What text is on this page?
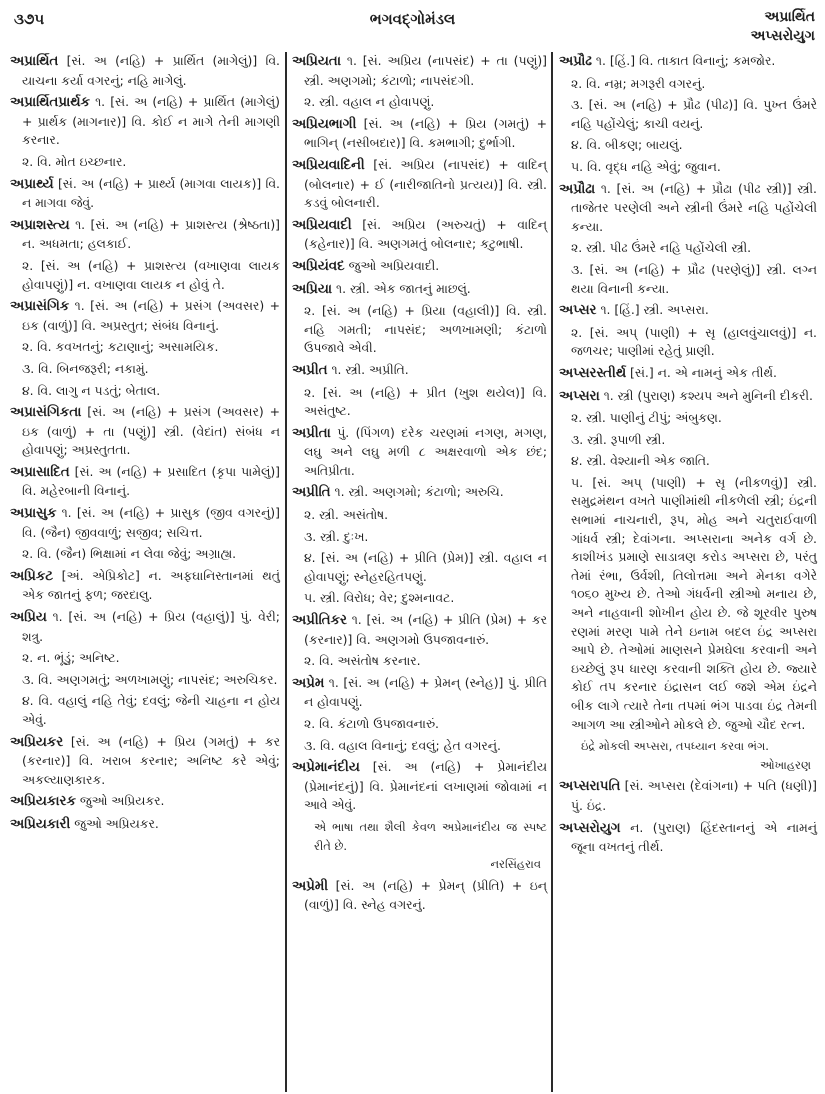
૩૭૫	ભગવદ્ગોમંડલ	અપ્રાર્થિત
અપ્સરોયુગ

અપ્રાર્થિત [સં. અ (નહિ) + પ્રાર્થિત (માગેલું)] વિ. યાચના કર્યા વગરનું; નહિ માગેલું.

અપ્રાર્થિતપ્રાર્થક ૧. [સં. અ (નહિ) + પ્રાર્થિત (માગેલું) + પ્રાર્થક (માગનાર)] વિ. કોઈ ન માગે તેની માગણી કરનાર.

૨. વિ. મોત ઇચ્છનાર.

અપ્રાર્થ્ય [સં. અ (નહિ) + પ્રાર્થ્ય (માગવા લાયક)] વિ. ન માગવા જેવું.

અપ્રાશસ્ત્ય ૧. [સં. અ (નહિ) + પ્રાશસ્ત્ય (શ્રેષ્ઠતા)] ન. અધમતા; હલકાઈ.

૨. [સં. અ (નહિ) + પ્રાશસ્ત્ય (વખાણવા લાયક હોવાપણું)] ન. વખાણવા લાયક ન હોવું તે.

અપ્રાસંગિક ૧. [સં. અ (નહિ) + પ્રસંગ (અવસર) + ઇક (વાળું)] વિ. અપ્રસ્તુત; સંબંધ વિનાનું.

૨. વિ. કવખતનું; કટાણાનું; અસામયિક.

૩. વિ. બિનજરૂરી; નકામું.

૪. વિ. લાગુ ન પડતું; બેતાલ.

અપ્રાસંગિકતા [સં. અ (નહિ) + પ્રસંગ (અવસર) + ઇક (વાળું) + તા (પણું)] સ્ત્રી. (વેદાંત) સંબંધ ન હોવાપણું; અપ્રસ્તુતતા.

અપ્રાસાદિત [સં. અ (નહિ) + પ્રસાદિત (કૃપા પામેલું)] વિ. મહેરબાની વિનાનું.

અપ્રાસુક ૧. [સં. અ (નહિ) + પ્રાસુક (જીવ વગરનું)] વિ. (જૈન) જીવવાળું; સજીવ; સચિત્ત.

૨. વિ. (જૈન) ભિક્ષામાં ન લેવા જેવું; અગ્રાહ્ય.

અપ્રિકટ [અં. એપ્રિકોટ] ન. અફઘાનિસ્તાનમાં થતું એક જાતનું ફળ; જરદાલુ.

અપ્રિય ૧. [સં. અ (નહિ) + પ્રિય (વહાલું)] પું. વેરી; શત્રુ.

૨. ન. ભૂંડું; અનિષ્ટ.

૩. વિ. અણગમતું; અળખામણું; નાપસંદ; અરુચિકર.

૪. વિ. વહાલું નહિ તેવું; દવલું; જેની ચાહના ન હોય એવું.

અપ્રિયકર [સં. અ (નહિ) + પ્રિય (ગમતું) + કર (કરનાર)] વિ. ખરાબ કરનાર; અનિષ્ટ કરે એવું; અકલ્યાણકારક.

અપ્રિયકારક જુઓ અપ્રિયકર.

અપ્રિયકારી જુઓ અપ્રિયકર.

અપ્રિયતા ૧. [સં. અપ્રિય (નાપસંદ) + તા (પણું)] સ્ત્રી. અણગમો; કંટાળો; નાપસંદગી.

૨. સ્ત્રી. વહાલ ન હોવાપણું.

અપ્રિયભાગી [સં. અ (નહિ) + પ્રિય (ગમતું) + ભાગિન્ (નસીબદાર)] વિ. કમભાગી; દુર્ભાગી.

અપ્રિયવાદિની [સં. અપ્રિય (નાપસંદ) + વાદિન્ (બોલનાર) + ઈ (નારીજાતિનો પ્રત્યય)] વિ. સ્ત્રી. કડવું બોલનારી.

અપ્રિયવાદી [સં. અપ્રિય (અરુચતું) + વાદિન્ (કહેનાર)] વિ. અણગમતું બોલનાર; કટુભાષી.

અપ્રિયંવદ જુઓ અપ્રિયવાદી.

અપ્રિયા ૧. સ્ત્રી. એક જાતનું માછલું.

૨. [સં. અ (નહિ) + પ્રિયા (વહાલી)] વિ. સ્ત્રી. નહિ ગમતી; નાપસંદ; અળખામણી; કંટાળો ઉપજાવે એવી.

અપ્રીત ૧. સ્ત્રી. અપ્રીતિ.

૨. [સં. અ (નહિ) + પ્રીત (ખુશ થયેલ)] વિ. અસંતુષ્ટ.

અપ્રીતા પું. (પિંગળ) દરેક ચરણમાં નગણ, મગણ, લઘુ અને લઘુ મળી ૮ અક્ષરવાળો એક છંદ; અતિપ્રીતા.

અપ્રીતિ ૧. સ્ત્રી. અણગમો; કંટાળો; અરુચિ.

૨. સ્ત્રી. અસંતોષ.

૩. સ્ત્રી. દુઃખ.

૪. [સં. અ (નહિ) + પ્રીતિ (પ્રેમ)] સ્ત્રી. વહાલ ન હોવાપણું; સ્નેહરહિતપણું.

૫. સ્ત્રી. વિરોધ; વેર; દુશ્મનાવટ.

અપ્રીતિકર ૧. [સં. અ (નહિ) + પ્રીતિ (પ્રેમ) + કર (કરનાર)] વિ. અણગમો ઉપજાવનારું.

૨. વિ. અસંતોષ કરનાર.

અપ્રેમ ૧. [સં. અ (નહિ) + પ્રેમન્ (સ્નેહ)] પું. પ્રીતિ ન હોવાપણું.

૨. વિ. કંટાળો ઉપજાવનારું.

૩. વિ. વહાલ વિનાનું; દવલું; હેત વગરનું.

અપ્રેમાનંદીય [સં. અ (નહિ) + પ્રેમાનંદીય (પ્રેમાનંદનું)] વિ. પ્રેમાનંદનાં લખાણમાં જોવામાં ન આવે એવું.

એ ભાષા તથા શૈલી કેવળ અપ્રેમાનંદીય જ સ્પષ્ટ રીતે છે.

નરસિંહરાવ

અપ્રેમી [સં. અ (નહિ) + પ્રેમન્ (પ્રીતિ) + ઇન્ (વાળું)] વિ. સ્નેહ વગરનું.

અપ્રૌઢ ૧. [હિં.] વિ. તાકાત વિનાનું; કમજોર.

૨. વિ. નમ્ર; મગરૂરી વગરનું.

૩. [સં. અ (નહિ) + પ્રૌઢ (પીઢ)] વિ. પુખ્ત ઉંમરે નહિ પહોંચેલું; કાચી વયનું.

૪. વિ. બીકણ; બાયલું.

૫. વિ. વૃદ્ધ નહિ એવું; જુવાન.

અપ્રૌઢા ૧. [સં. અ (નહિ) + પ્રૌઢા (પીઢ સ્ત્રી)] સ્ત્રી. તાજેતર પરણેલી અને સ્ત્રીની ઉંમરે નહિ પહોંચેલી કન્યા.

૨. સ્ત્રી. પીઢ ઉંમરે નહિ પહોંચેલી સ્ત્રી.

૩. [સં. અ (નહિ) + પ્રૌઢ (પરણેલું)] સ્ત્રી. લગ્ન થયા વિનાની કન્યા.

અપ્સર ૧. [હિં.] સ્ત્રી. અપ્સરા.

૨. [સં. અપ્ (પાણી) + સૃ (હાલવુંચાલવું)] ન. જળચર; પાણીમાં રહેતું પ્રાણી.

અપ્સરસ્તીર્થ [સં.] ન. એ નામનું એક તીર્થ.

અપ્સરા ૧. સ્ત્રી (પુરાણ) કશ્યપ અને મુનિની દીકરી.

૨. સ્ત્રી. પાણીનું ટીપું; અંબુકણ.

૩. સ્ત્રી. રૂપાળી સ્ત્રી.

૪. સ્ત્રી. વેશ્યાની એક જાતિ.

૫. [સં. અપ્ (પાણી) + સૃ (નીકળવું)] સ્ત્રી. સમુદ્રમંથન વખતે પાણીમાંથી નીકળેલી સ્ત્રી; ઇંદ્રની સભામાં નાચનારી, રૂપ, મોહ અને ચતુરાઈવાળી ગાંધર્વ સ્ત્રી; દેવાંગના. અપ્સરાના અનેક વર્ગ છે. કાશીખંડ પ્રમાણે સાડાત્રણ કરોડ અપ્સરા છે, પરંતુ તેમાં રંભા, ઉર્વશી, તિલોત્તમા અને મેનકા વગેરે ૧૦૬૦ મુખ્ય છે. તેઓ ગંધર્વની સ્ત્રીઓ મનાય છે, અને નાહવાની શોખીન હોય છે. જે શૂરવીર પુરુષ રણમાં મરણ પામે તેને ઇનામ બદલ ઇંદ્ર અપ્સરા આપે છે. તેઓમાં માણસને પ્રેમઘેલા કરવાની અને ઇચ્છેલું રૂપ ધારણ કરવાની શક્તિ હોય છે. જ્યારે કોઈ તપ કરનાર ઇંદ્રાસન લઈ જશે એમ ઇંદ્રને બીક લાગે ત્યારે તેના તપમાં ભંગ પાડવા ઇંદ્ર તેમની આગળ આ સ્ત્રીઓને મોકલે છે. જુઓ ચૌદ રત્ન.

ઇંદ્રે મોકલી અપ્સરા, તપધ્યાન કરવા ભંગ.

ઓખાહરણ

અપ્સરાપતિ [સં. અપ્સરા (દેવાંગના) + પતિ (ધણી)] પું. ઇંદ્ર.

અપ્સરોયુગ ન. (પુરાણ) હિંદસ્તાનનું એ નામનું જૂના વખતનું તીર્થ.
